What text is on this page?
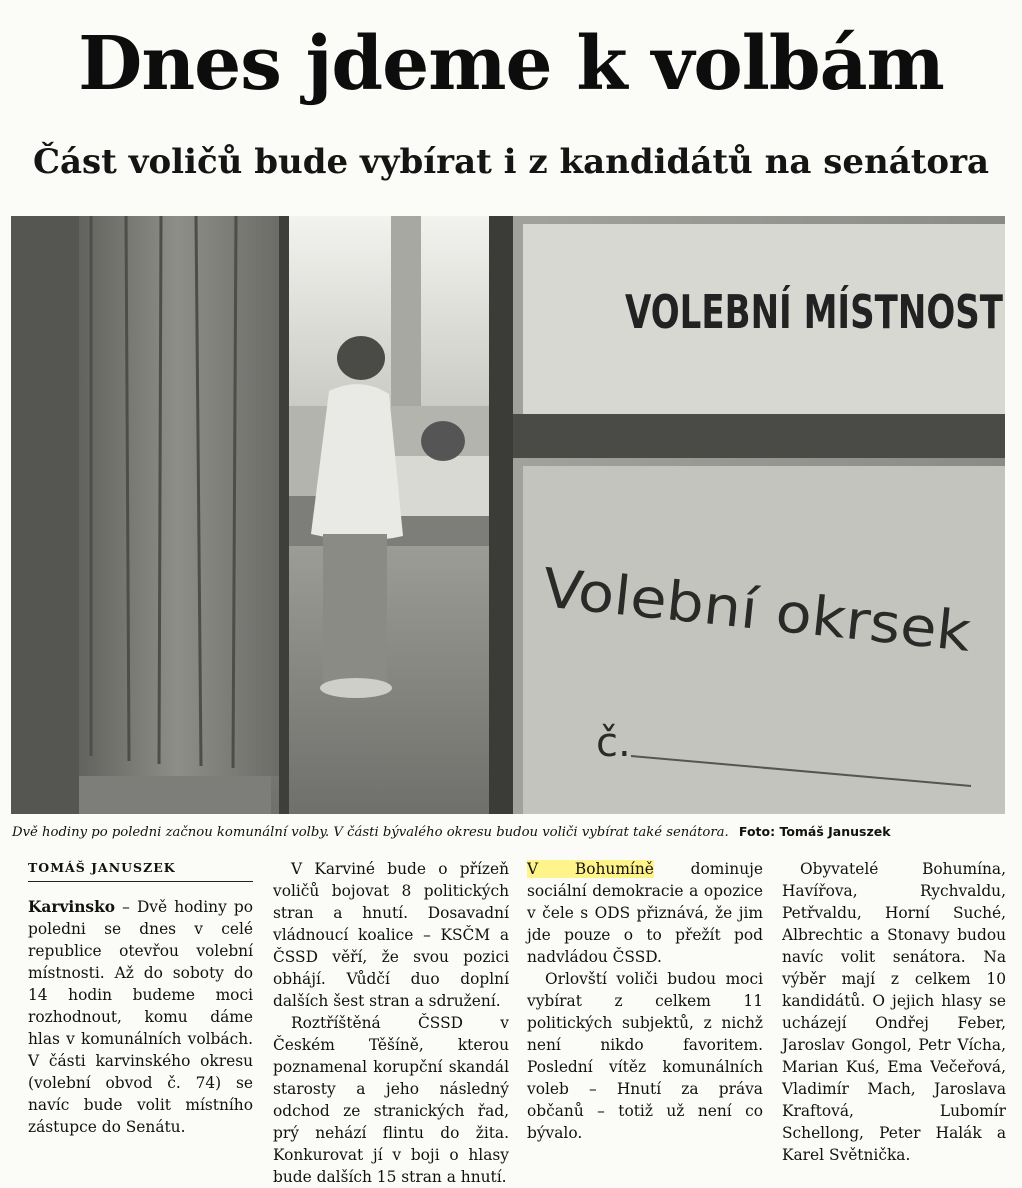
Dnes jdeme k volbám
Část voličů bude vybírat i z kandidátů na senátora
VOLEBNÍ MÍSTNOST
Volební okrsek
č.
Dvě hodiny po poledni začnou komunální volby. V části bývalého okresu budou voliči vybírat také senátora. Foto: Tomáš Januszek
TOMÁŠ JANUSZEK

Karvinsko – Dvě hodiny po poledni se dnes v celé republice otevřou volební místnosti. Až do soboty do 14 hodin budeme moci rozhodnout, komu dáme hlas v komunálních volbách. V části karvinského okresu (volební obvod č. 74) se navíc bude volit místního zástupce do Senátu.

V Karviné bude o přízeň voličů bojovat 8 politických stran a hnutí. Dosavadní vládnoucí koalice – KSČM a ČSSD věří, že svou pozici obhájí. Vůdčí duo doplní dalších šest stran a sdružení.

Roztříštěná ČSSD v Českém Těšíně, kterou poznamenal korupční skandál starosty a jeho následný odchod ze stranických řad, prý nehází flintu do žita. Konkurovat jí v boji o hlasy bude dalších 15 stran a hnutí.

V Bohumíně dominuje sociální demokracie a opozice v čele s ODS přiznává, že jim jde pouze o to přežít pod nadvládou ČSSD.

Orlovští voliči budou moci vybírat z celkem 11 politických subjektů, z nichž není nikdo favoritem. Poslední vítěz komunálních voleb – Hnutí za práva občanů – totiž už není co bývalo.

Obyvatelé Bohumína, Havířova, Rychvaldu, Petřvaldu, Horní Suché, Albrechtic a Stonavy budou navíc volit senátora. Na výběr mají z celkem 10 kandidátů. O jejich hlasy se ucházejí Ondřej Feber, Jaroslav Gongol, Petr Vícha, Marian Kuś, Ema Večeřová, Vladimír Mach, Jaroslava Kraftová, Lubomír Schellong, Peter Halák a Karel Světnička.
